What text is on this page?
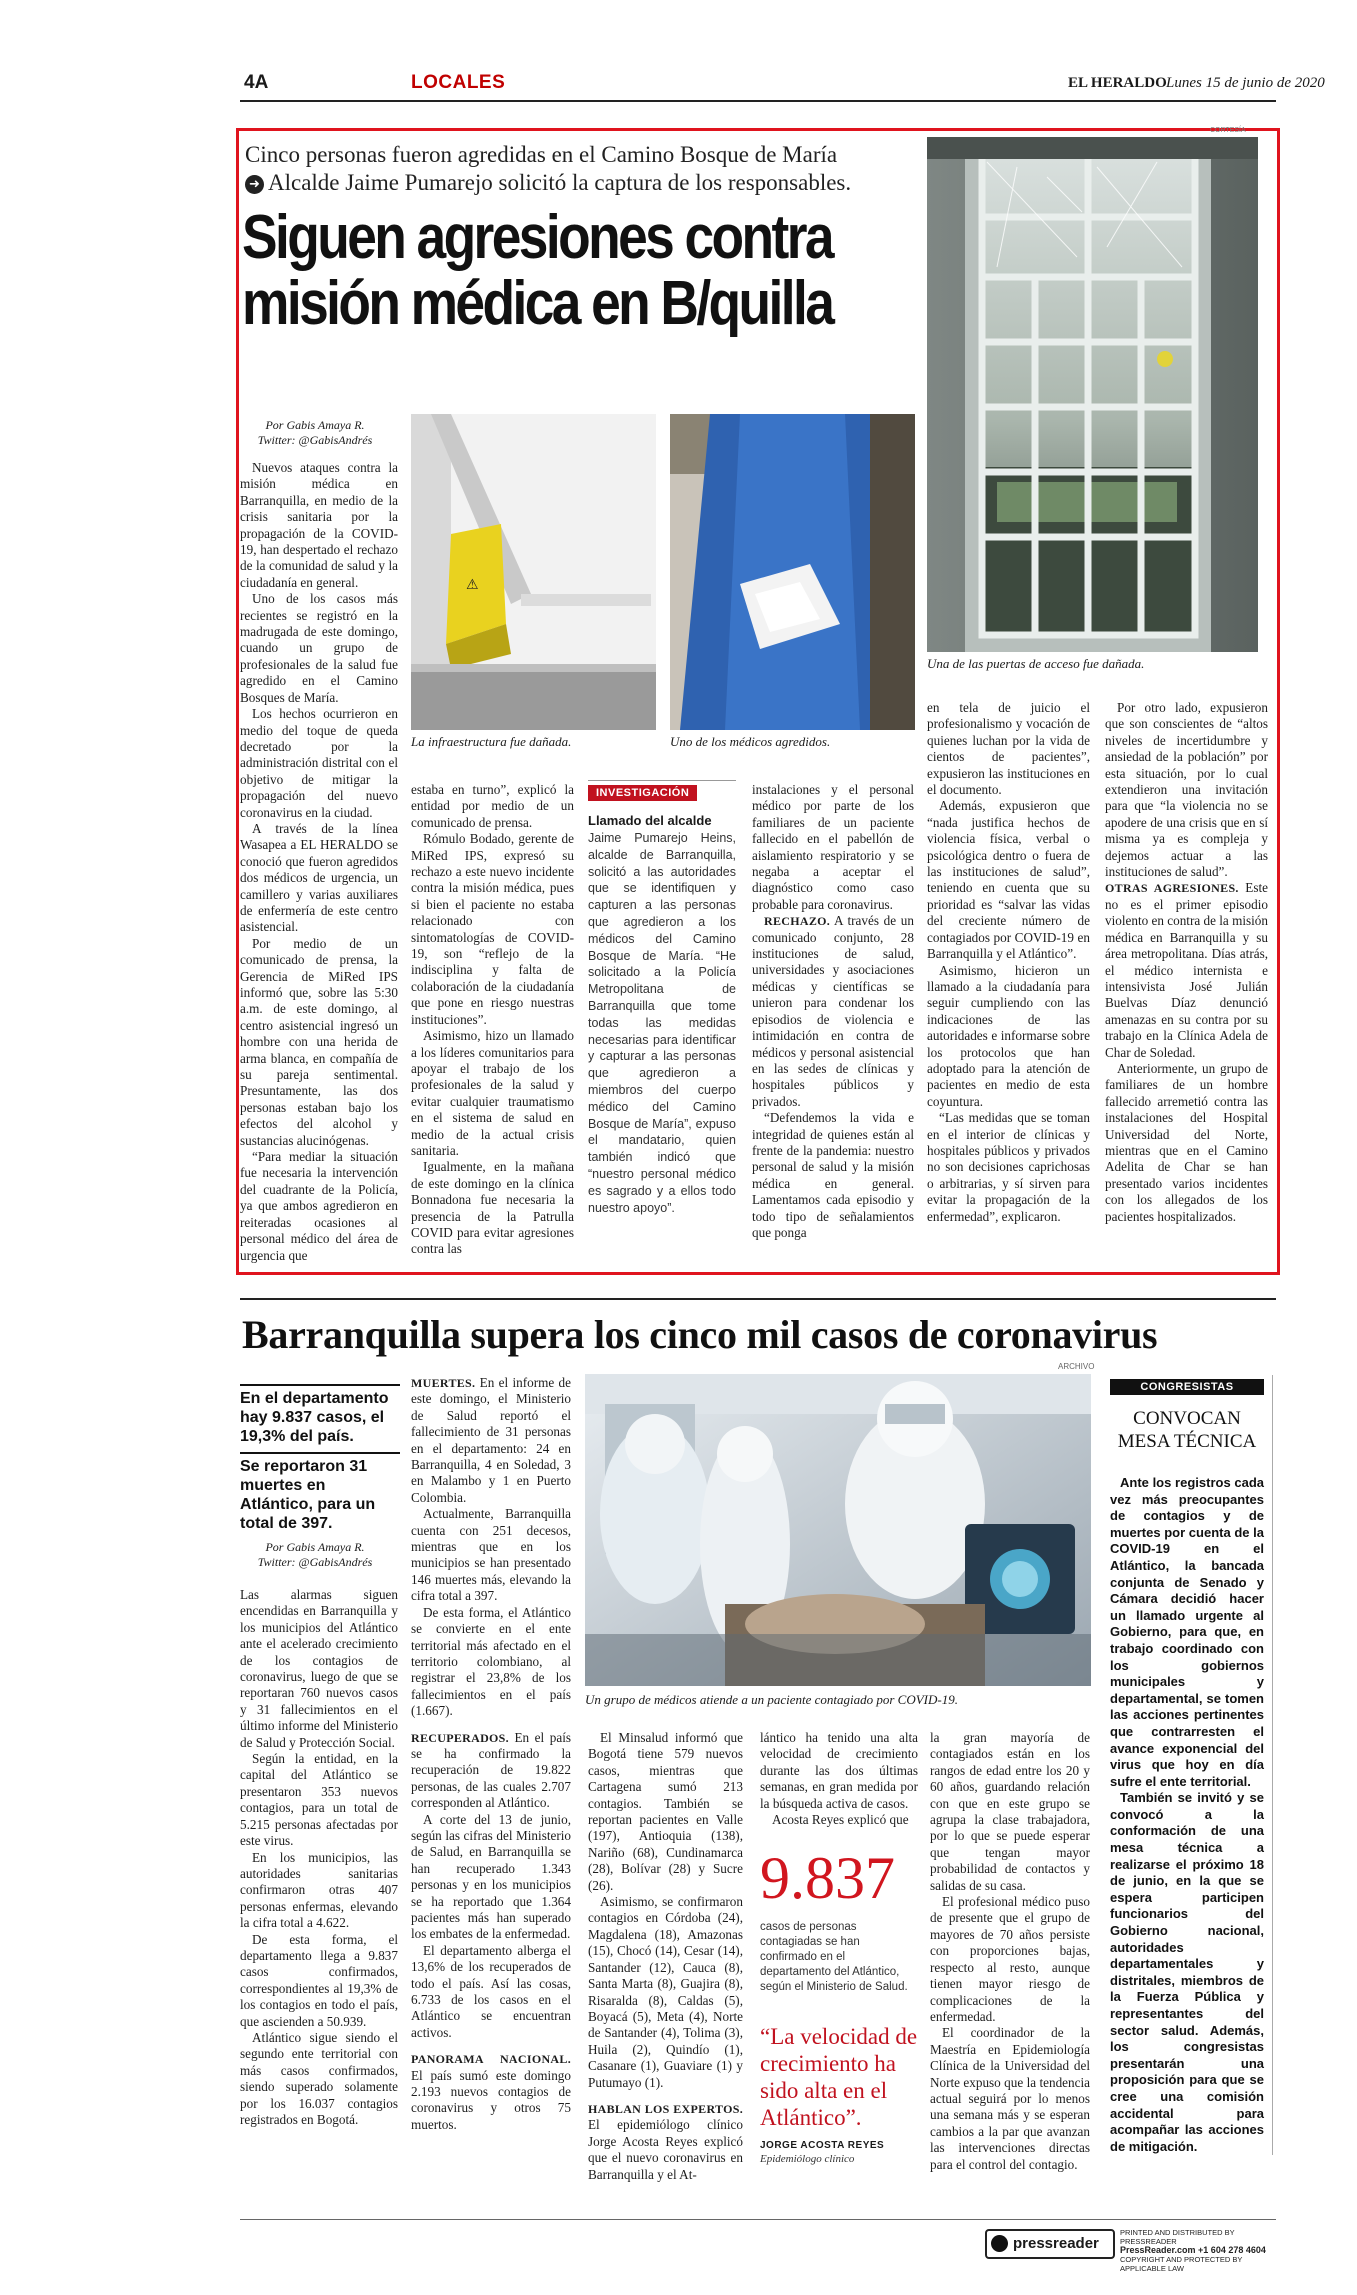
4A	LOCALES	EL HERALDO Lunes 15 de junio de 2020
Cinco personas fueron agredidas en el Camino Bosque de María
➜ Alcalde Jaime Pumarejo solicitó la captura de los responsables.
Siguen agresiones contra misión médica en B/quilla
CORTESÍA
Una de las puertas de acceso fue dañada.
Por Gabis Amaya R.
Twitter: @GabisAndrés
⚠
La infraestructura fue dañada.	Uno de los médicos agredidos.

Nuevos ataques contra la misión médica en Barranquilla, en medio de la crisis sanitaria por la propagación de la COVID-19, han despertado el rechazo de la comunidad de salud y la ciudadanía en general.

Uno de los casos más recientes se registró en la madrugada de este domingo, cuando un grupo de profesionales de la salud fue agredido en el Camino Bosques de María.

Los hechos ocurrieron en medio del toque de queda decretado por la administración distrital con el objetivo de mitigar la propagación del nuevo coronavirus en la ciudad.

A través de la línea Wasapea a EL HERALDO se conoció que fueron agredidos dos médicos de urgencia, un camillero y varias auxiliares de enfermería de este centro asistencial.

Por medio de un comunicado de prensa, la Gerencia de MiRed IPS informó que, sobre las 5:30 a.m. de este domingo, al centro asistencial ingresó un hombre con una herida de arma blanca, en compañía de su pareja sentimental. Presuntamente, las dos personas estaban bajo los efectos del alcohol y sustancias alucinógenas.

“Para mediar la situación fue necesaria la intervención del cuadrante de la Policía, ya que ambos agredieron en reiteradas ocasiones al personal médico del área de urgencia que

estaba en turno”, explicó la entidad por medio de un comunicado de prensa.

Rómulo Bodado, gerente de MiRed IPS, expresó su rechazo a este nuevo incidente contra la misión médica, pues si bien el paciente no estaba relacionado con sintomatologías de COVID-19, son “reflejo de la indisciplina y falta de colaboración de la ciudadanía que pone en riesgo nuestras instituciones”.

Asimismo, hizo un llamado a los líderes comunitarios para apoyar el trabajo de los profesionales de la salud y evitar cualquier traumatismo en el sistema de salud en medio de la actual crisis sanitaria.

Igualmente, en la mañana de este domingo en la clínica Bonnadona fue necesaria la presencia de la Patrulla COVID para evitar agresiones contra las

INVESTIGACIÓN
Llamado del alcalde
Jaime Pumarejo Heins, alcalde de Barranquilla, solicitó a las autoridades que se identifiquen y capturen a las personas que agredieron a los médicos del Camino Bosque de María. “He solicitado a la Policía Metropolitana de Barranquilla que tome todas las medidas necesarias para identificar y capturar a las personas que agredieron a miembros del cuerpo médico del Camino Bosque de María”, expuso el mandatario, quien también indicó que “nuestro personal médico es sagrado y a ellos todo nuestro apoyo”.

instalaciones y el personal médico por parte de los familiares de un paciente fallecido en el pabellón de aislamiento respiratorio y se negaba a aceptar el diagnóstico como caso probable para coronavirus.

RECHAZO. A través de un comunicado conjunto, 28 instituciones de salud, universidades y asociaciones médicas y científicas se unieron para condenar los episodios de violencia e intimidación en contra de médicos y personal asistencial en las sedes de clínicas y hospitales públicos y privados.

“Defendemos la vida e integridad de quienes están al frente de la pandemia: nuestro personal de salud y la misión médica en general. Lamentamos cada episodio y todo tipo de señalamientos que ponga

en tela de juicio el profesionalismo y vocación de quienes luchan por la vida de cientos de pacientes”, expusieron las instituciones en el documento.

Además, expusieron que “nada justifica hechos de violencia física, verbal o psicológica dentro o fuera de las instituciones de salud”, teniendo en cuenta que su prioridad es “salvar las vidas del creciente número de contagiados por COVID-19 en Barranquilla y el Atlántico”.

Asimismo, hicieron un llamado a la ciudadanía para seguir cumpliendo con las indicaciones de las autoridades e informarse sobre los protocolos que han adoptado para la atención de pacientes en medio de esta coyuntura.

“Las medidas que se toman en el interior de clínicas y hospitales públicos y privados no son decisiones caprichosas o arbitrarias, y sí sirven para evitar la propagación de la enfermedad”, explicaron.

Por otro lado, expusieron que son conscientes de “altos niveles de incertidumbre y ansiedad de la población” por esta situación, por lo cual extendieron una invitación para que “la violencia no se apodere de una crisis que en sí misma ya es compleja y dejemos actuar a las instituciones de salud”.

OTRAS AGRESIONES. Este no es el primer episodio violento en contra de la misión médica en Barranquilla y su área metropolitana. Días atrás, el médico internista e intensivista José Julián Buelvas Díaz denunció amenazas en su contra por su trabajo en la Clínica Adela de Char de Soledad.

Anteriormente, un grupo de familiares de un hombre fallecido arremetió contra las instalaciones del Hospital Universidad del Norte, mientras que en el Camino Adelita de Char se han presentado varios incidentes con los allegados de los pacientes hospitalizados.

Barranquilla supera los cinco mil casos de coronavirus
En el departamento hay 9.837 casos, el 19,3% del país.
Se reportaron 31 muertes en Atlántico, para un total de 397.
Por Gabis Amaya R.
Twitter: @GabisAndrés

Las alarmas siguen encendidas en Barranquilla y los municipios del Atlántico ante el acelerado crecimiento de los contagios de coronavirus, luego de que se reportaran 760 nuevos casos y 31 fallecimientos en el último informe del Ministerio de Salud y Protección Social.

Según la entidad, en la capital del Atlántico se presentaron 353 nuevos contagios, para un total de 5.215 personas afectadas por este virus.

En los municipios, las autoridades sanitarias confirmaron otras 407 personas enfermas, elevando la cifra total a 4.622.

De esta forma, el departamento llega a 9.837 casos confirmados, correspondientes al 19,3% de los contagios en todo el país, que ascienden a 50.939.

Atlántico sigue siendo el segundo ente territorial con más casos confirmados, siendo superado solamente por los 16.037 contagios registrados en Bogotá.

MUERTES. En el informe de este domingo, el Ministerio de Salud reportó el fallecimiento de 31 personas en el departamento: 24 en Barranquilla, 4 en Soledad, 3 en Malambo y 1 en Puerto Colombia.

Actualmente, Barranquilla cuenta con 251 decesos, mientras que en los municipios se han presentado 146 muertes más, elevando la cifra total a 397.

De esta forma, el Atlántico se convierte en el ente territorial más afectado en el territorio colombiano, al registrar el 23,8% de los fallecimientos en el país (1.667).

RECUPERADOS. En el país se ha confirmado la recuperación de 19.822 personas, de las cuales 2.707 corresponden al Atlántico.

A corte del 13 de junio, según las cifras del Ministerio de Salud, en Barranquilla se han recuperado 1.343 personas y en los municipios se ha reportado que 1.364 pacientes más han superado los embates de la enfermedad.

El departamento alberga el 13,6% de los recuperados de todo el país. Así las cosas, 6.733 de los casos en el Atlántico se encuentran activos.

PANORAMA NACIONAL. El país sumó este domingo 2.193 nuevos contagios de coronavirus y otros 75 muertos.

ARCHIVO
Un grupo de médicos atiende a un paciente contagiado por COVID-19.

El Minsalud informó que Bogotá tiene 579 nuevos casos, mientras que Cartagena sumó 213 contagios. También se reportan pacientes en Valle (197), Antioquia (138), Nariño (68), Cundinamarca (28), Bolívar (28) y Sucre (26).

Asimismo, se confirmaron contagios en Córdoba (24), Magdalena (18), Amazonas (15), Chocó (14), Cesar (14), Santander (12), Cauca (8), Santa Marta (8), Guajira (8), Risaralda (8), Caldas (5), Boyacá (5), Meta (4), Norte de Santander (4), Tolima (3), Huila (2), Quindío (1), Casanare (1), Guaviare (1) y Putumayo (1).

HABLAN LOS EXPERTOS. El epidemiólogo clínico Jorge Acosta Reyes explicó que el nuevo coronavirus en Barranquilla y el At-

lántico ha tenido una alta velocidad de crecimiento durante las dos últimas semanas, en gran medida por la búsqueda activa de casos.

Acosta Reyes explicó que

9.837
casos de personas contagiadas se han confirmado en el departamento del Atlántico, según el Ministerio de Salud.
“La velocidad de crecimiento ha sido alta en el Atlántico”.
JORGE ACOSTA REYES
Epidemiólogo clínico

la gran mayoría de contagiados están en los rangos de edad entre los 20 y 60 años, guardando relación con que en este grupo se agrupa la clase trabajadora, por lo que se puede esperar que tengan mayor probabilidad de contactos y salidas de su casa.

El profesional médico puso de presente que el grupo de mayores de 70 años persiste con proporciones bajas, respecto al resto, aunque tienen mayor riesgo de complicaciones de la enfermedad.

El coordinador de la Maestría en Epidemiología Clínica de la Universidad del Norte expuso que la tendencia actual seguirá por lo menos una semana más y se esperan cambios a la par que avanzan las intervenciones directas para el control del contagio.

CONGRESISTAS
CONVOCAN
MESA TÉCNICA
Ante los registros cada vez más preocupantes de contagios y de muertes por cuenta de la COVID-19 en el Atlántico, la bancada conjunta de Senado y Cámara decidió hacer un llamado urgente al Gobierno, para que, en trabajo coordinado con los gobiernos municipales y departamental, se tomen las acciones pertinentes que contrarresten el avance exponencial del virus que hoy en día sufre el ente territorial.
También se invitó y se convocó a la conformación de una mesa técnica a realizarse el próximo 18 de junio, en la que se espera participen funcionarios del Gobierno nacional, autoridades departamentales y distritales, miembros de la Fuerza Pública y representantes del sector salud. Además, los congresistas presentarán una proposición para que se cree una comisión accidental para acompañar las acciones de mitigación.
pressreader
PRINTED AND DISTRIBUTED BY PRESSREADER
PressReader.com +1 604 278 4604
COPYRIGHT AND PROTECTED BY APPLICABLE LAW
